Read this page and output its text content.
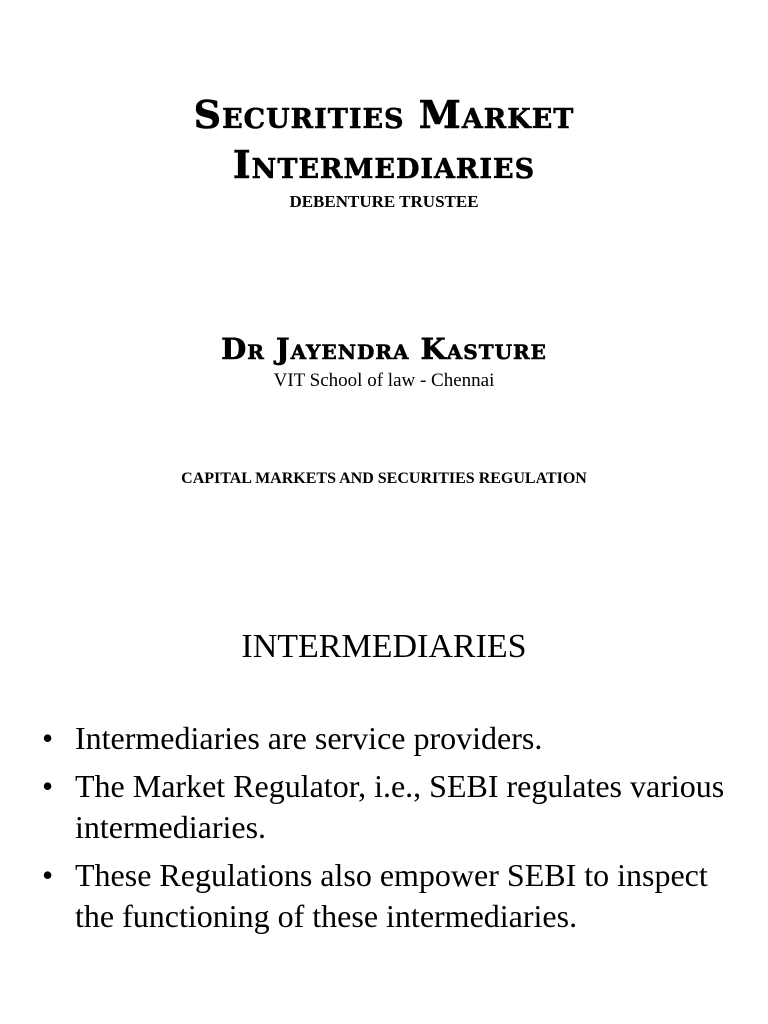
Securities Market
Intermediaries
DEBENTURE TRUSTEE
Dr Jayendra Kasture
VIT School of law - Chennai
CAPITAL MARKETS AND SECURITIES REGULATION
INTERMEDIARIES
• Intermediaries are service providers.
• The Market Regulator, i.e., SEBI regulates various intermediaries.
• These Regulations also empower SEBI to inspect the functioning of these intermediaries.
